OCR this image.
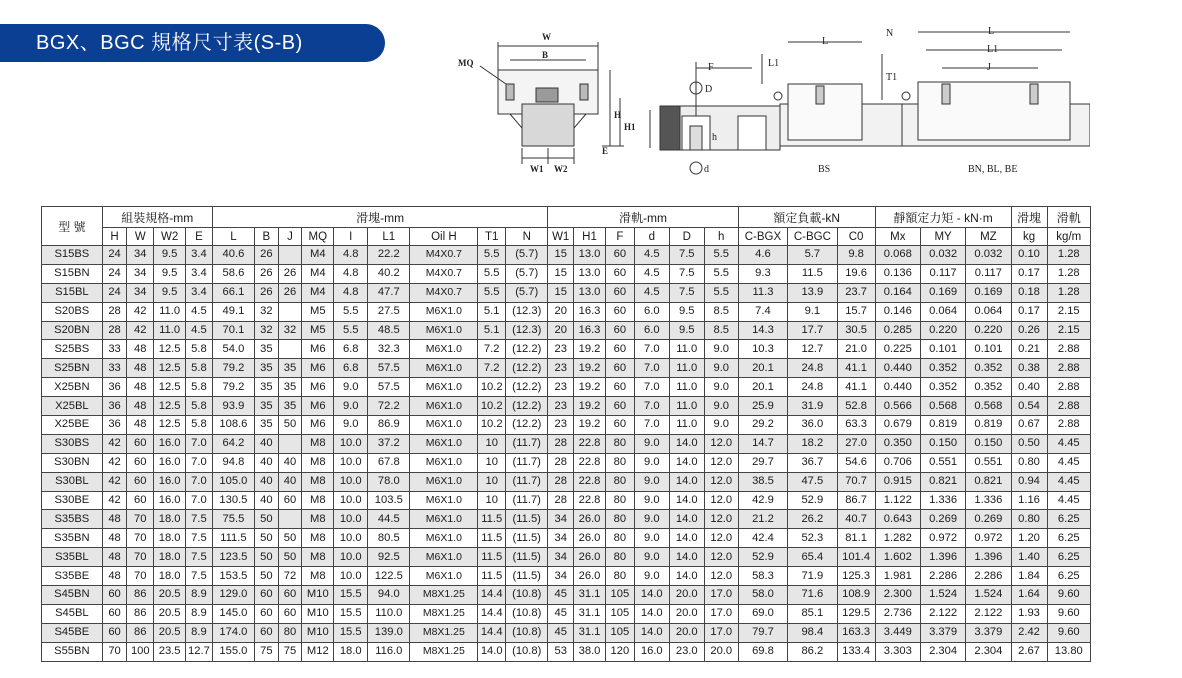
BGX、BGC 規格尺寸表(S-B)	W
B
MQ
H
H1
E
W1 W2
F
D
d
h
L
L1
BS
L
L1
J
N
T1
BN, BL, BE
型 號	組裝規格-mm				滑塊-mm									滑軌-mm						額定負載-kN			靜額定力矩 - kN·m			滑塊	滑軌
	H	W	W2	E	L	B	J	MQ	I	L1	Oil H	T1	N	W1	H1	F	d	D	h	C-BGX	C-BGC	C0	Mx	MY	MZ	kg	kg/m
S15BS	24	34	9.5	3.4	40.6	26		M4	4.8	22.2	M4X0.7	5.5	(5.7)	15	13.0	60	4.5	7.5	5.5	4.6	5.7	9.8	0.068	0.032	0.032	0.10	1.28
S15BN	24	34	9.5	3.4	58.6	26	26	M4	4.8	40.2	M4X0.7	5.5	(5.7)	15	13.0	60	4.5	7.5	5.5	9.3	11.5	19.6	0.136	0.117	0.117	0.17	1.28
S15BL	24	34	9.5	3.4	66.1	26	26	M4	4.8	47.7	M4X0.7	5.5	(5.7)	15	13.0	60	4.5	7.5	5.5	11.3	13.9	23.7	0.164	0.169	0.169	0.18	1.28
S20BS	28	42	11.0	4.5	49.1	32		M5	5.5	27.5	M6X1.0	5.1	(12.3)	20	16.3	60	6.0	9.5	8.5	7.4	9.1	15.7	0.146	0.064	0.064	0.17	2.15
S20BN	28	42	11.0	4.5	70.1	32	32	M5	5.5	48.5	M6X1.0	5.1	(12.3)	20	16.3	60	6.0	9.5	8.5	14.3	17.7	30.5	0.285	0.220	0.220	0.26	2.15
S25BS	33	48	12.5	5.8	54.0	35		M6	6.8	32.3	M6X1.0	7.2	(12.2)	23	19.2	60	7.0	11.0	9.0	10.3	12.7	21.0	0.225	0.101	0.101	0.21	2.88
S25BN	33	48	12.5	5.8	79.2	35	35	M6	6.8	57.5	M6X1.0	7.2	(12.2)	23	19.2	60	7.0	11.0	9.0	20.1	24.8	41.1	0.440	0.352	0.352	0.38	2.88
X25BN	36	48	12.5	5.8	79.2	35	35	M6	9.0	57.5	M6X1.0	10.2	(12.2)	23	19.2	60	7.0	11.0	9.0	20.1	24.8	41.1	0.440	0.352	0.352	0.40	2.88
X25BL	36	48	12.5	5.8	93.9	35	35	M6	9.0	72.2	M6X1.0	10.2	(12.2)	23	19.2	60	7.0	11.0	9.0	25.9	31.9	52.8	0.566	0.568	0.568	0.54	2.88
X25BE	36	48	12.5	5.8	108.6	35	50	M6	9.0	86.9	M6X1.0	10.2	(12.2)	23	19.2	60	7.0	11.0	9.0	29.2	36.0	63.3	0.679	0.819	0.819	0.67	2.88
S30BS	42	60	16.0	7.0	64.2	40		M8	10.0	37.2	M6X1.0	10	(11.7)	28	22.8	80	9.0	14.0	12.0	14.7	18.2	27.0	0.350	0.150	0.150	0.50	4.45
S30BN	42	60	16.0	7.0	94.8	40	40	M8	10.0	67.8	M6X1.0	10	(11.7)	28	22.8	80	9.0	14.0	12.0	29.7	36.7	54.6	0.706	0.551	0.551	0.80	4.45
S30BL	42	60	16.0	7.0	105.0	40	40	M8	10.0	78.0	M6X1.0	10	(11.7)	28	22.8	80	9.0	14.0	12.0	38.5	47.5	70.7	0.915	0.821	0.821	0.94	4.45
S30BE	42	60	16.0	7.0	130.5	40	60	M8	10.0	103.5	M6X1.0	10	(11.7)	28	22.8	80	9.0	14.0	12.0	42.9	52.9	86.7	1.122	1.336	1.336	1.16	4.45
S35BS	48	70	18.0	7.5	75.5	50		M8	10.0	44.5	M6X1.0	11.5	(11.5)	34	26.0	80	9.0	14.0	12.0	21.2	26.2	40.7	0.643	0.269	0.269	0.80	6.25
S35BN	48	70	18.0	7.5	111.5	50	50	M8	10.0	80.5	M6X1.0	11.5	(11.5)	34	26.0	80	9.0	14.0	12.0	42.4	52.3	81.1	1.282	0.972	0.972	1.20	6.25
S35BL	48	70	18.0	7.5	123.5	50	50	M8	10.0	92.5	M6X1.0	11.5	(11.5)	34	26.0	80	9.0	14.0	12.0	52.9	65.4	101.4	1.602	1.396	1.396	1.40	6.25
S35BE	48	70	18.0	7.5	153.5	50	72	M8	10.0	122.5	M6X1.0	11.5	(11.5)	34	26.0	80	9.0	14.0	12.0	58.3	71.9	125.3	1.981	2.286	2.286	1.84	6.25
S45BN	60	86	20.5	8.9	129.0	60	60	M10	15.5	94.0	M8X1.25	14.4	(10.8)	45	31.1	105	14.0	20.0	17.0	58.0	71.6	108.9	2.300	1.524	1.524	1.64	9.60
S45BL	60	86	20.5	8.9	145.0	60	60	M10	15.5	110.0	M8X1.25	14.4	(10.8)	45	31.1	105	14.0	20.0	17.0	69.0	85.1	129.5	2.736	2.122	2.122	1.93	9.60
S45BE	60	86	20.5	8.9	174.0	60	80	M10	15.5	139.0	M8X1.25	14.4	(10.8)	45	31.1	105	14.0	20.0	17.0	79.7	98.4	163.3	3.449	3.379	3.379	2.42	9.60
S55BN	70	100	23.5	12.7	155.0	75	75	M12	18.0	116.0	M8X1.25	14.0	(10.8)	53	38.0	120	16.0	23.0	20.0	69.8	86.2	133.4	3.303	2.304	2.304	2.67	13.80
